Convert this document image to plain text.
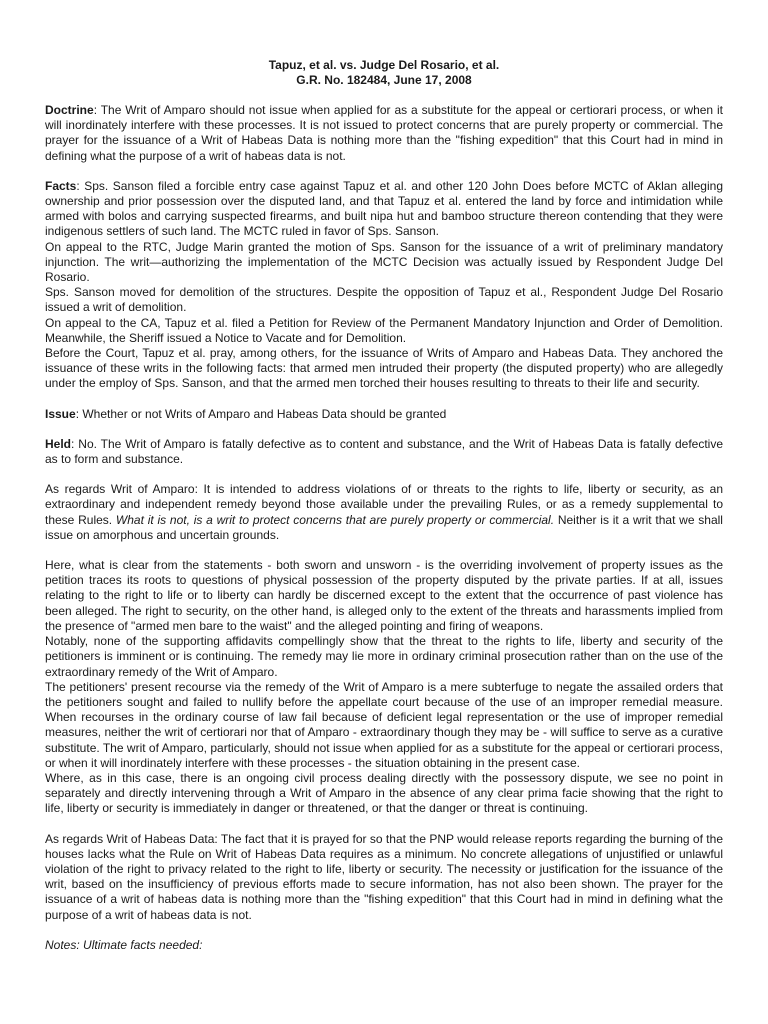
Tapuz, et al. vs. Judge Del Rosario, et al.

G.R. No. 182484, June 17, 2008

Doctrine: The Writ of Amparo should not issue when applied for as a substitute for the appeal or certiorari process, or when it will inordinately interfere with these processes. It is not issued to protect concerns that are purely property or commercial. The prayer for the issuance of a Writ of Habeas Data is nothing more than the "fishing expedition" that this Court had in mind in defining what the purpose of a writ of habeas data is not.

Facts: Sps. Sanson filed a forcible entry case against Tapuz et al. and other 120 John Does before MCTC of Aklan alleging ownership and prior possession over the disputed land, and that Tapuz et al. entered the land by force and intimidation while armed with bolos and carrying suspected firearms, and built nipa hut and bamboo structure thereon contending that they were indigenous settlers of such land. The MCTC ruled in favor of Sps. Sanson.

On appeal to the RTC, Judge Marin granted the motion of Sps. Sanson for the issuance of a writ of preliminary mandatory injunction. The writ—authorizing the implementation of the MCTC Decision was actually issued by Respondent Judge Del Rosario.

Sps. Sanson moved for demolition of the structures. Despite the opposition of Tapuz et al., Respondent Judge Del Rosario issued a writ of demolition.

On appeal to the CA, Tapuz et al. filed a Petition for Review of the Permanent Mandatory Injunction and Order of Demolition. Meanwhile, the Sheriff issued a Notice to Vacate and for Demolition.

Before the Court, Tapuz et al. pray, among others, for the issuance of Writs of Amparo and Habeas Data. They anchored the issuance of these writs in the following facts: that armed men intruded their property (the disputed property) who are allegedly under the employ of Sps. Sanson, and that the armed men torched their houses resulting to threats to their life and security.

Issue: Whether or not Writs of Amparo and Habeas Data should be granted

Held: No. The Writ of Amparo is fatally defective as to content and substance, and the Writ of Habeas Data is fatally defective as to form and substance.

As regards Writ of Amparo: It is intended to address violations of or threats to the rights to life, liberty or security, as an extraordinary and independent remedy beyond those available under the prevailing Rules, or as a remedy supplemental to these Rules. What it is not, is a writ to protect concerns that are purely property or commercial. Neither is it a writ that we shall issue on amorphous and uncertain grounds.

Here, what is clear from the statements - both sworn and unsworn - is the overriding involvement of property issues as the petition traces its roots to questions of physical possession of the property disputed by the private parties. If at all, issues relating to the right to life or to liberty can hardly be discerned except to the extent that the occurrence of past violence has been alleged. The right to security, on the other hand, is alleged only to the extent of the threats and harassments implied from the presence of "armed men bare to the waist" and the alleged pointing and firing of weapons.

Notably, none of the supporting affidavits compellingly show that the threat to the rights to life, liberty and security of the petitioners is imminent or is continuing. The remedy may lie more in ordinary criminal prosecution rather than on the use of the extraordinary remedy of the Writ of Amparo.

The petitioners' present recourse via the remedy of the Writ of Amparo is a mere subterfuge to negate the assailed orders that the petitioners sought and failed to nullify before the appellate court because of the use of an improper remedial measure. When recourses in the ordinary course of law fail because of deficient legal representation or the use of improper remedial measures, neither the writ of certiorari nor that of Amparo - extraordinary though they may be - will suffice to serve as a curative substitute. The writ of Amparo, particularly, should not issue when applied for as a substitute for the appeal or certiorari process, or when it will inordinately interfere with these processes - the situation obtaining in the present case.

Where, as in this case, there is an ongoing civil process dealing directly with the possessory dispute, we see no point in separately and directly intervening through a Writ of Amparo in the absence of any clear prima facie showing that the right to life, liberty or security is immediately in danger or threatened, or that the danger or threat is continuing.

As regards Writ of Habeas Data: The fact that it is prayed for so that the PNP would release reports regarding the burning of the houses lacks what the Rule on Writ of Habeas Data requires as a minimum. No concrete allegations of unjustified or unlawful violation of the right to privacy related to the right to life, liberty or security. The necessity or justification for the issuance of the writ, based on the insufficiency of previous efforts made to secure information, has not also been shown. The prayer for the issuance of a writ of habeas data is nothing more than the "fishing expedition" that this Court had in mind in defining what the purpose of a writ of habeas data is not.

Notes: Ultimate facts needed:
